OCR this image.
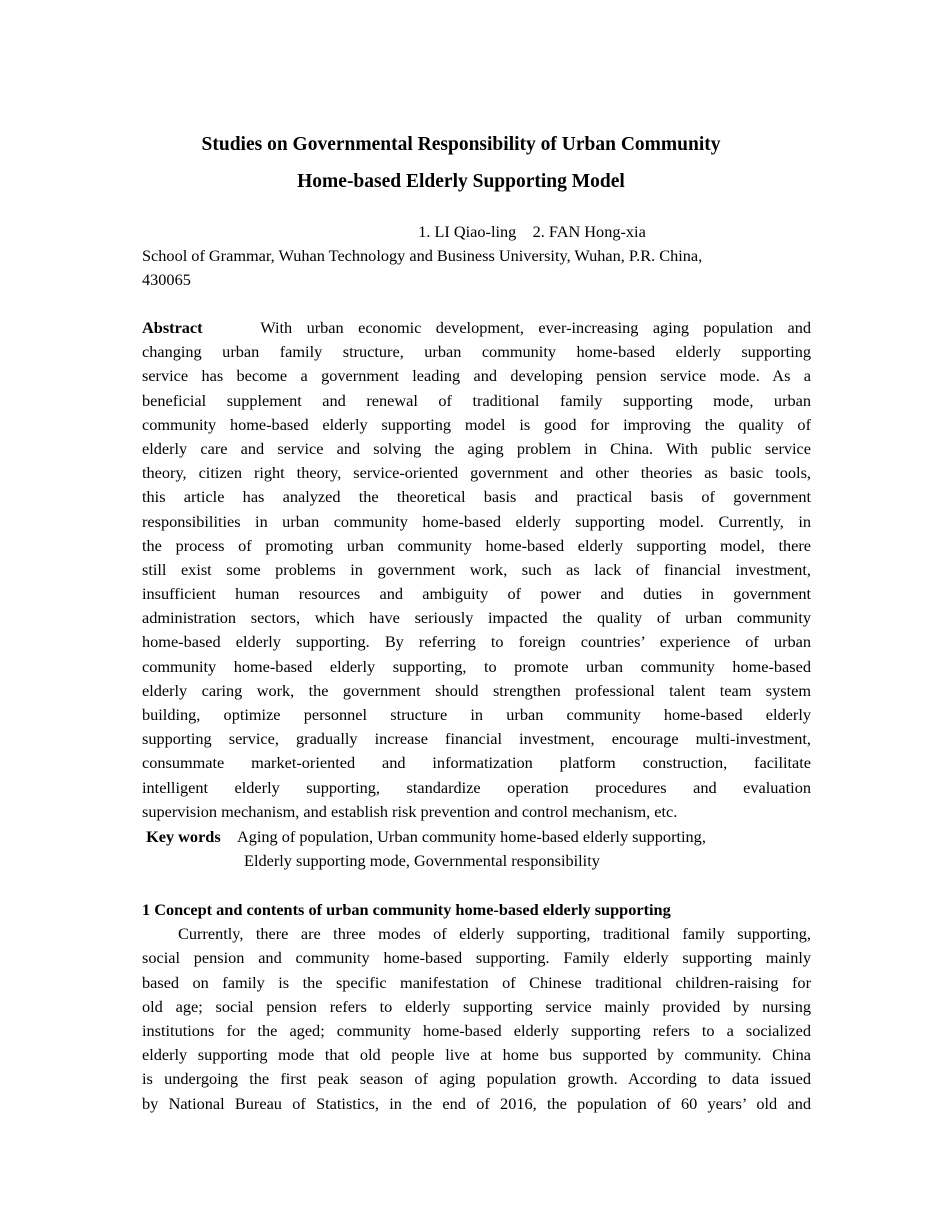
Studies on Governmental Responsibility of Urban Community
Home-based Elderly Supporting Model
1. LI Qiao-ling    2. FAN Hong-xia
School of Grammar, Wuhan Technology and Business University, Wuhan, P.R. China,
430065
Abstract	With urban economic development, ever-increasing aging population and
changing urban family structure, urban community home-based elderly supporting
service has become a government leading and developing pension service mode. As a
beneficial supplement and renewal of traditional family supporting mode, urban
community home-based elderly supporting model is good for improving the quality of
elderly care and service and solving the aging problem in China. With public service
theory, citizen right theory, service-oriented government and other theories as basic tools,
this article has analyzed the theoretical basis and practical basis of government
responsibilities in urban community home-based elderly supporting model. Currently, in
the process of promoting urban community home-based elderly supporting model, there
still exist some problems in government work, such as lack of financial investment,
insufficient human resources and ambiguity of power and duties in government
administration sectors, which have seriously impacted the quality of urban community
home-based elderly supporting. By referring to foreign countries’ experience of urban
community home-based elderly supporting, to promote urban community home-based
elderly caring work, the government should strengthen professional talent team system
building, optimize personnel structure in urban community home-based elderly
supporting service, gradually increase financial investment, encourage multi-investment,
consummate market-oriented and informatization platform construction, facilitate
intelligent elderly supporting, standardize operation procedures and evaluation
supervision mechanism, and establish risk prevention and control mechanism, etc.
Key words Aging of population, Urban community home-based elderly supporting,
Elderly supporting mode, Governmental responsibility
1 Concept and contents of urban community home-based elderly supporting
Currently, there are three modes of elderly supporting, traditional family supporting,
social pension and community home-based supporting. Family elderly supporting mainly
based on family is the specific manifestation of Chinese traditional children-raising for
old age; social pension refers to elderly supporting service mainly provided by nursing
institutions for the aged; community home-based elderly supporting refers to a socialized
elderly supporting mode that old people live at home bus supported by community. China
is undergoing the first peak season of aging population growth. According to data issued
by National Bureau of Statistics, in the end of 2016, the population of 60 years’ old and
